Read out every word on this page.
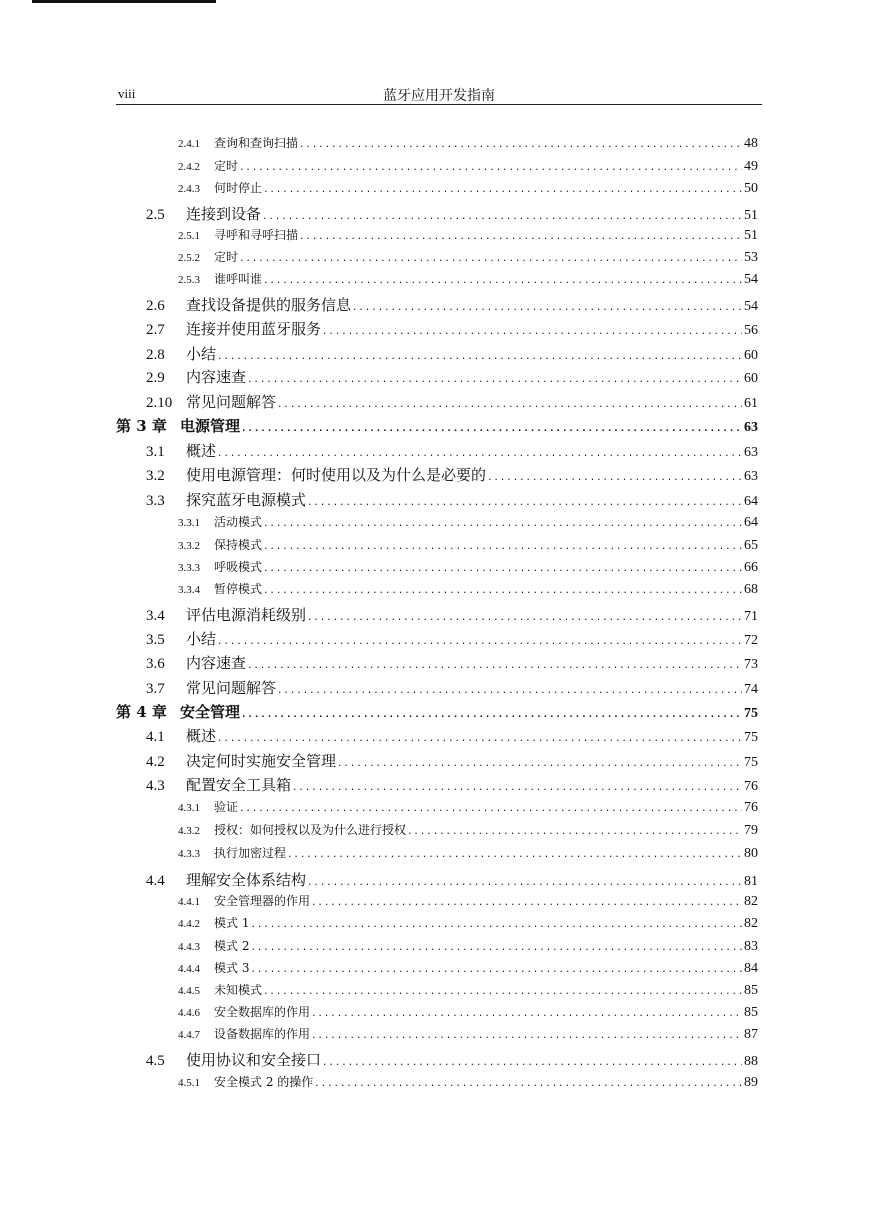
viii	蓝牙应用开发指南
2.4.1	查询和查询扫描 .....	48
2.4.2	定时 .....	49
2.4.3	何时停止 .....	50
2.5	连接到设备 .....	51
2.5.1	寻呼和寻呼扫描 .....	51
2.5.2	定时 .....	53
2.5.3	谁呼叫谁 .....	54
2.6	查找设备提供的服务信息 .....	54
2.7	连接并使用蓝牙服务 .....	56
2.8	小结 .....	60
2.9	内容速查 .....	60
2.10 常见问题解答 .....	61
第 3 章 电源管理 .....	63
3.1	概述 .....	63
3.2	使用电源管理：何时使用以及为什么是必要的 .....	63
3.3	探究蓝牙电源模式 .....	64
3.3.1	活动模式 .....	64
3.3.2	保持模式 .....	65
3.3.3	呼吸模式 .....	66
3.3.4	暂停模式 .....	68
3.4	评估电源消耗级别 .....	71
3.5	小结 .....	72
3.6	内容速查 .....	73
3.7	常见问题解答 .....	74
第 4 章 安全管理 .....	75
4.1	概述 .....	75
4.2	决定何时实施安全管理 .....	75
4.3	配置安全工具箱 .....	76
4.3.1	验证 .....	76
4.3.2	授权：如何授权以及为什么进行授权 .....	79
4.3.3	执行加密过程 .....	80
4.4	理解安全体系结构 .....	81
4.4.1	安全管理器的作用 .....	82
4.4.2	模式 1 .....	82
4.4.3	模式 2 .....	83
4.4.4	模式 3 .....	84
4.4.5	未知模式 .....	85
4.4.6	安全数据库的作用 .....	85
4.4.7	设备数据库的作用 .....	87
4.5	使用协议和安全接口 .....	88
4.5.1	安全模式 2 的操作 .....	89
